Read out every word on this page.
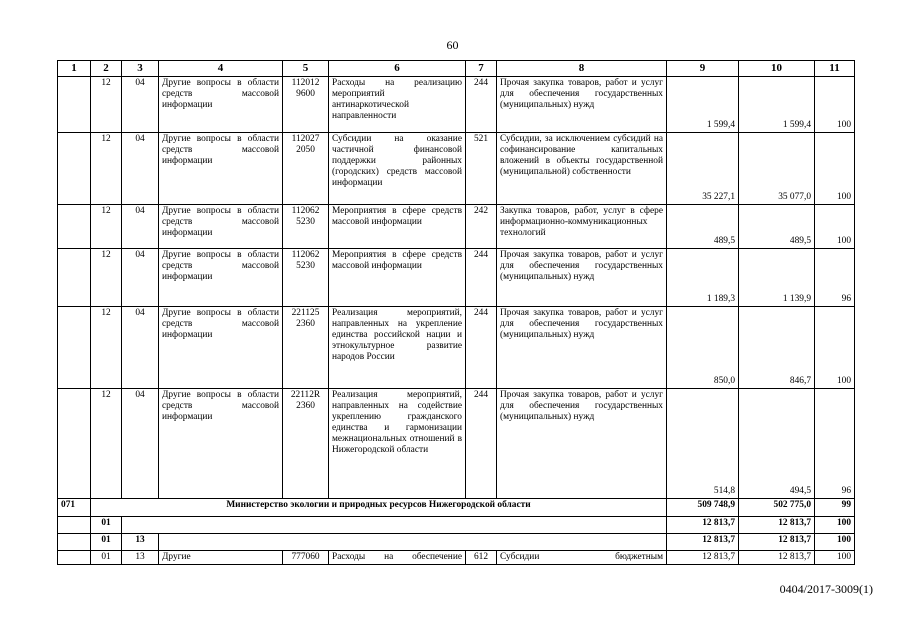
60
1	2	3	4	5	6	7	8	9	10	11
	12	04	Другие вопросы в области средств массовой информации	112012 9600	Расходы на реализацию мероприятий антинаркотической направленности	244	Прочая закупка товаров, работ и услуг для обеспечения государственных (муниципальных) нужд	1 599,4	1 599,4	100
	12	04	Другие вопросы в области средств массовой информации	112027 2050	Субсидии на оказание частичной финансовой поддержки районных (городских) средств массовой информации	521	Субсидии, за исключением субсидий на софинансирование капитальных вложений в объекты государственной (муниципальной) собственности	35 227,1	35 077,0	100
	12	04	Другие вопросы в области средств массовой информации	112062 5230	Мероприятия в сфере средств массовой информации	242	Закупка товаров, работ, услуг в сфере информационно-коммуникационных технологий	489,5	489,5	100
	12	04	Другие вопросы в области средств массовой информации	112062 5230	Мероприятия в сфере средств массовой информации	244	Прочая закупка товаров, работ и услуг для обеспечения государственных (муниципальных) нужд	1 189,3	1 139,9	96
	12	04	Другие вопросы в области средств массовой информации	221125 2360	Реализация мероприятий, направленных на укрепление единства российской нации и этнокультурное развитие народов России	244	Прочая закупка товаров, работ и услуг для обеспечения государственных (муниципальных) нужд	850,0	846,7	100
	12	04	Другие вопросы в области средств массовой информации	22112R 2360	Реализация мероприятий, направленных на содействие укреплению гражданского единства и гармонизации межнациональных отношений в Нижегородской области	244	Прочая закупка товаров, работ и услуг для обеспечения государственных (муниципальных) нужд	514,8	494,5	96
071	Министерство экологии и природных ресурсов Нижегородской области							509 748,9	502 775,0	99
	01							12 813,7	12 813,7	100
	01	13						12 813,7	12 813,7	100
	01	13	Другие	777060	Расходы на обеспечение	612	Субсидии бюджетным	12 813,7	12 813,7	100
0404/2017-3009(1)
